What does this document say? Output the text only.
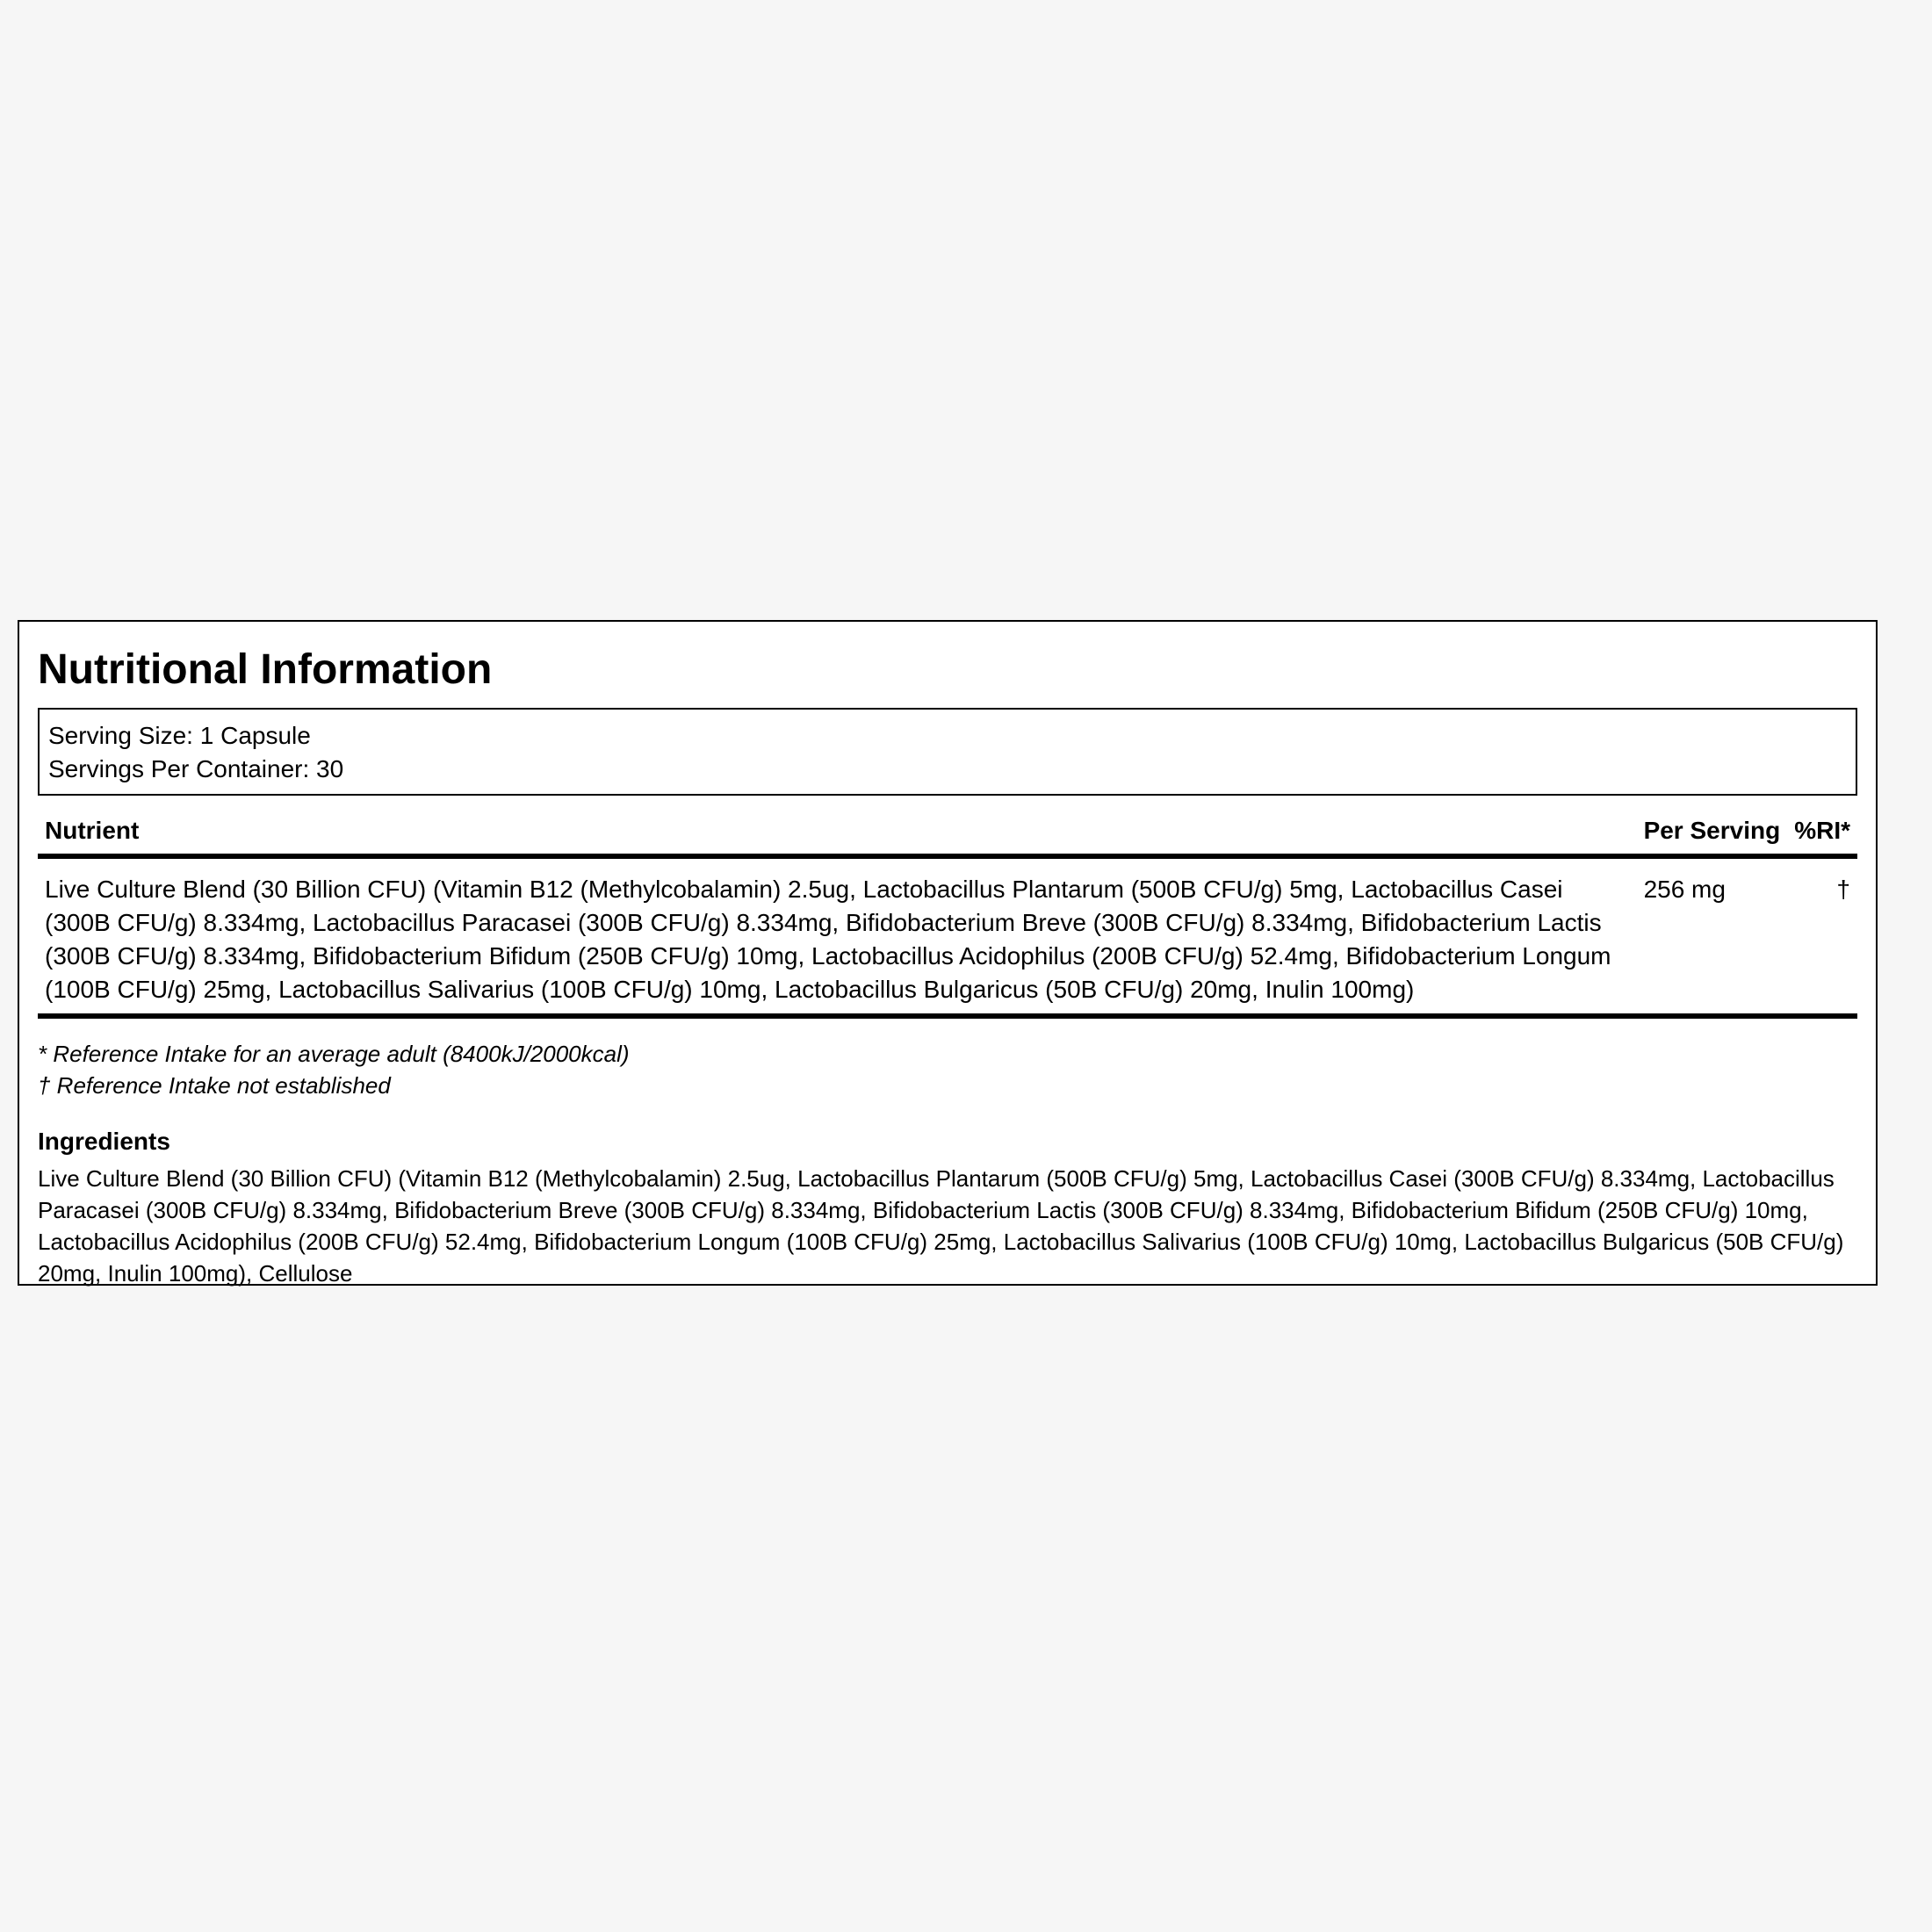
Nutritional Information
Serving Size: 1 Capsule
Servings Per Container: 30
Nutrient	Per Serving	%RI*
Live Culture Blend (30 Billion CFU) (Vitamin B12 (Methylcobalamin) 2.5ug, Lactobacillus Plantarum (500B CFU/g) 5mg, Lactobacillus Casei (300B CFU/g) 8.334mg, Lactobacillus Paracasei (300B CFU/g) 8.334mg, Bifidobacterium Breve (300B CFU/g) 8.334mg, Bifidobacterium Lactis (300B CFU/g) 8.334mg, Bifidobacterium Bifidum (250B CFU/g) 10mg, Lactobacillus Acidophilus (200B CFU/g) 52.4mg, Bifidobacterium Longum (100B CFU/g) 25mg, Lactobacillus Salivarius (100B CFU/g) 10mg, Lactobacillus Bulgaricus (50B CFU/g) 20mg, Inulin 100mg)	256 mg	†
* Reference Intake for an average adult (8400kJ/2000kcal)
† Reference Intake not established
Ingredients
Live Culture Blend (30 Billion CFU) (Vitamin B12 (Methylcobalamin) 2.5ug, Lactobacillus Plantarum (500B CFU/g) 5mg, Lactobacillus Casei (300B CFU/g) 8.334mg, Lactobacillus Paracasei (300B CFU/g) 8.334mg, Bifidobacterium Breve (300B CFU/g) 8.334mg, Bifidobacterium Lactis (300B CFU/g) 8.334mg, Bifidobacterium Bifidum (250B CFU/g) 10mg, Lactobacillus Acidophilus (200B CFU/g) 52.4mg, Bifidobacterium Longum (100B CFU/g) 25mg, Lactobacillus Salivarius (100B CFU/g) 10mg, Lactobacillus Bulgaricus (50B CFU/g) 20mg, Inulin 100mg), Cellulose
